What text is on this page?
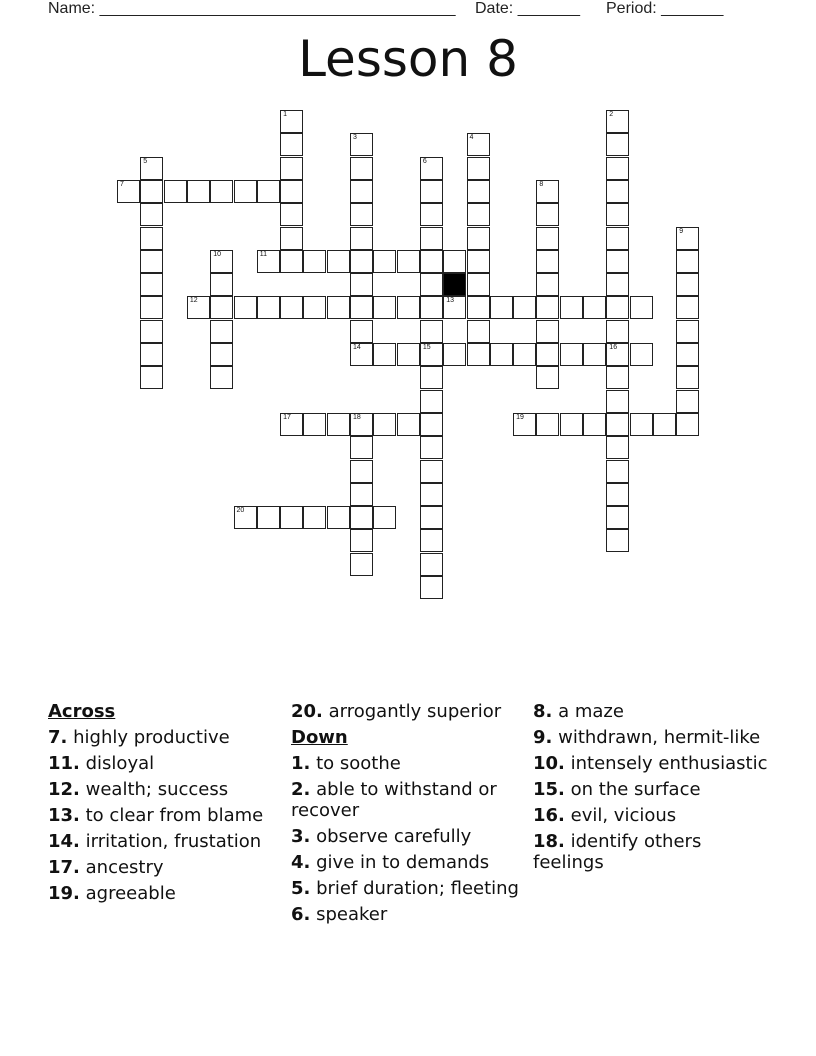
Name: ________________________________________ Date: _______ Period: _______
Lesson 8
7
11
12	13
14	15	16
17	18	19
20
1	2
3	4
5	6
8
9
10
Across
7. highly productive
11. disloyal
12. wealth; success
13. to clear from blame
14. irritation, frustation
17. ancestry
19. agreeable
20. arrogantly superior
Down
1. to soothe
2. able to withstand or recover
3. observe carefully
4. give in to demands
5. brief duration; fleeting
6. speaker
8. a maze
9. withdrawn, hermit-like
10. intensely enthusiastic
15. on the surface
16. evil, vicious
18. identify others feelings
